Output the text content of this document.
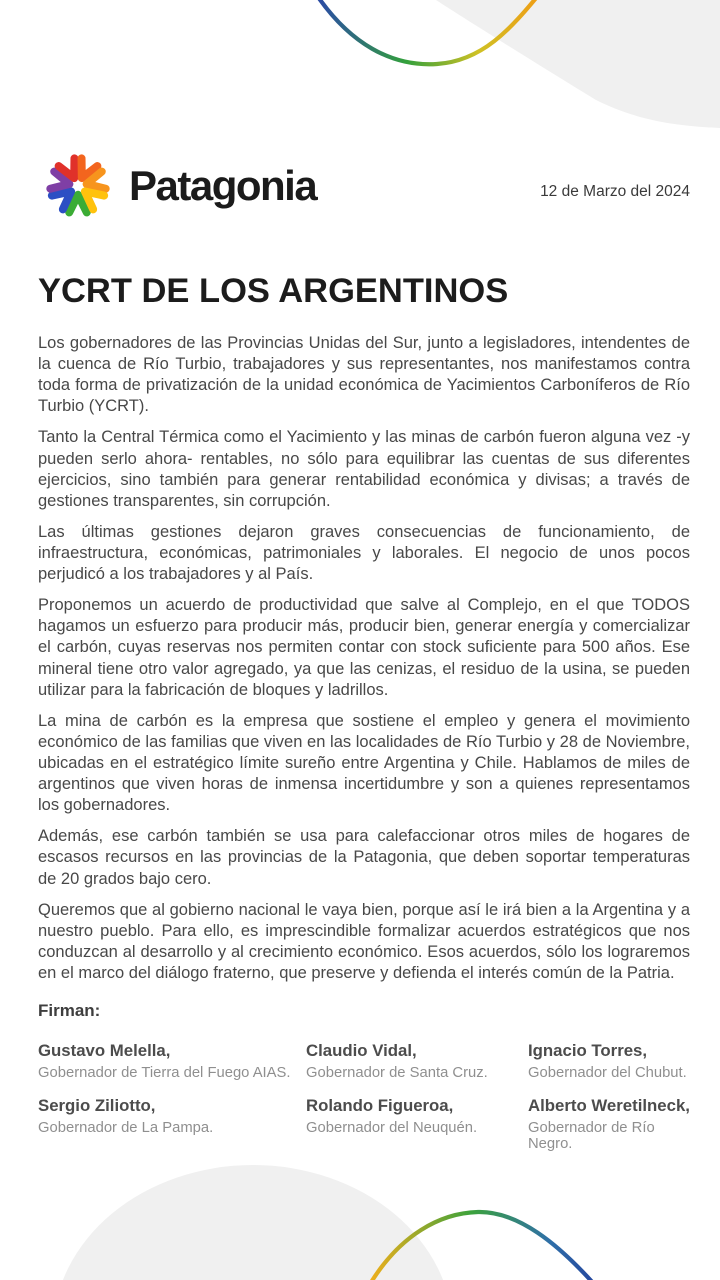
Patagonia	12 de Marzo del 2024
YCRT DE LOS ARGENTINOS

Los gobernadores de las Provincias Unidas del Sur, junto a legisladores, intendentes de la cuenca de Río Turbio, trabajadores y sus representantes, nos manifestamos contra toda forma de privatización de la unidad económica de Yacimientos Carboníferos de Río Turbio (YCRT).

Tanto la Central Térmica como el Yacimiento y las minas de carbón fueron alguna vez -y pueden serlo ahora- rentables, no sólo para equilibrar las cuentas de sus diferentes ejercicios, sino también para generar rentabilidad económica y divisas; a través de gestiones transparentes, sin corrupción.

Las últimas gestiones dejaron graves consecuencias de funcionamiento, de infraestructura, económicas, patrimoniales y laborales. El negocio de unos pocos perjudicó a los trabajadores y al País.

Proponemos un acuerdo de productividad que salve al Complejo, en el que TODOS hagamos un esfuerzo para producir más, producir bien, generar energía y comercializar el carbón, cuyas reservas nos permiten contar con stock suficiente para 500 años. Ese mineral tiene otro valor agregado, ya que las cenizas, el residuo de la usina, se pueden utilizar para la fabricación de bloques y ladrillos.

La mina de carbón es la empresa que sostiene el empleo y genera el movimiento económico de las familias que viven en las localidades de Río Turbio y 28 de Noviembre, ubicadas en el estratégico límite sureño entre Argentina y Chile. Hablamos de miles de argentinos que viven horas de inmensa incertidumbre y son a quienes representamos los gobernadores.

Además, ese carbón también se usa para calefaccionar otros miles de hogares de escasos recursos en las provincias de la Patagonia, que deben soportar temperaturas de 20 grados bajo cero.

Queremos que al gobierno nacional le vaya bien, porque así le irá bien a la Argentina y a nuestro pueblo. Para ello, es imprescindible formalizar acuerdos estratégicos que nos conduzcan al desarrollo y al crecimiento económico. Esos acuerdos, sólo los lograremos en el marco del diálogo fraterno, que preserve y defienda el interés común de la Patria.

Firman:
Gustavo Melella,
Gobernador de Tierra del Fuego AIAS.
Claudio Vidal,
Gobernador de Santa Cruz.
Ignacio Torres,
Gobernador del Chubut.
Sergio Ziliotto,
Gobernador de La Pampa.
Rolando Figueroa,
Gobernador del Neuquén.
Alberto Weretilneck,
Gobernador de Río Negro.
